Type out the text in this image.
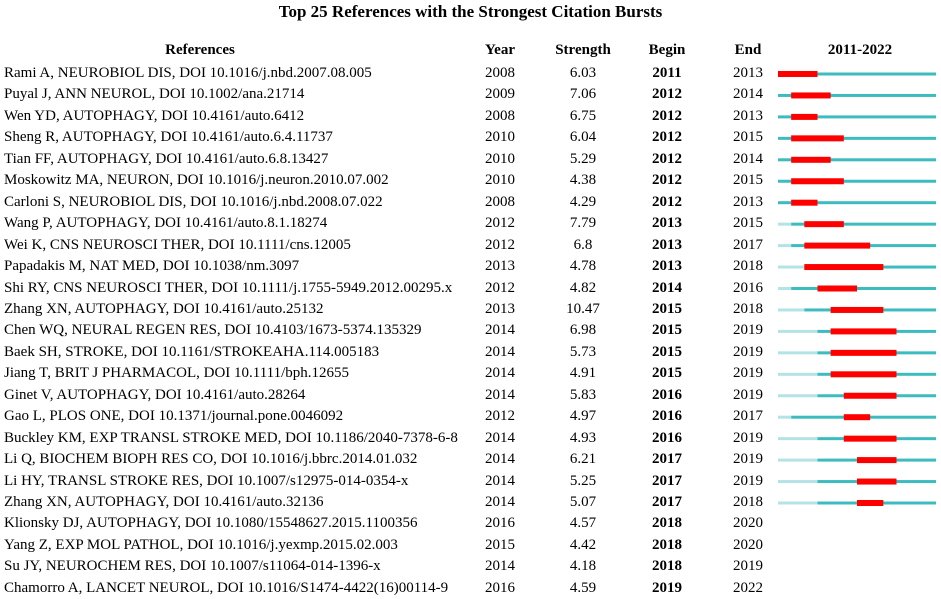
Top 25 References with the Strongest Citation Bursts
References	Year	Strength	Begin	End	2011-2022
Rami A, NEUROBIOL DIS, DOI 10.1016/j.nbd.2007.08.005	2008	6.03	2011	2013
Puyal J, ANN NEUROL, DOI 10.1002/ana.21714	2009	7.06	2012	2014
Wen YD, AUTOPHAGY, DOI 10.4161/auto.6412	2008	6.75	2012	2013
Sheng R, AUTOPHAGY, DOI 10.4161/auto.6.4.11737	2010	6.04	2012	2015
Tian FF, AUTOPHAGY, DOI 10.4161/auto.6.8.13427	2010	5.29	2012	2014
Moskowitz MA, NEURON, DOI 10.1016/j.neuron.2010.07.002	2010	4.38	2012	2015
Carloni S, NEUROBIOL DIS, DOI 10.1016/j.nbd.2008.07.022	2008	4.29	2012	2013
Wang P, AUTOPHAGY, DOI 10.4161/auto.8.1.18274	2012	7.79	2013	2015
Wei K, CNS NEUROSCI THER, DOI 10.1111/cns.12005	2012	6.8	2013	2017
Papadakis M, NAT MED, DOI 10.1038/nm.3097	2013	4.78	2013	2018
Shi RY, CNS NEUROSCI THER, DOI 10.1111/j.1755-5949.2012.00295.x	2012	4.82	2014	2016
Zhang XN, AUTOPHAGY, DOI 10.4161/auto.25132	2013	10.47	2015	2018
Chen WQ, NEURAL REGEN RES, DOI 10.4103/1673-5374.135329	2014	6.98	2015	2019
Baek SH, STROKE, DOI 10.1161/STROKEAHA.114.005183	2014	5.73	2015	2019
Jiang T, BRIT J PHARMACOL, DOI 10.1111/bph.12655	2014	4.91	2015	2019
Ginet V, AUTOPHAGY, DOI 10.4161/auto.28264	2014	5.83	2016	2019
Gao L, PLOS ONE, DOI 10.1371/journal.pone.0046092	2012	4.97	2016	2017
Buckley KM, EXP TRANSL STROKE MED, DOI 10.1186/2040-7378-6-8	2014	4.93	2016	2019
Li Q, BIOCHEM BIOPH RES CO, DOI 10.1016/j.bbrc.2014.01.032	2014	6.21	2017	2019
Li HY, TRANSL STROKE RES, DOI 10.1007/s12975-014-0354-x	2014	5.25	2017	2019
Zhang XN, AUTOPHAGY, DOI 10.4161/auto.32136	2014	5.07	2017	2018
Klionsky DJ, AUTOPHAGY, DOI 10.1080/15548627.2015.1100356	2016	4.57	2018	2020
Yang Z, EXP MOL PATHOL, DOI 10.1016/j.yexmp.2015.02.003	2015	4.42	2018	2020
Su JY, NEUROCHEM RES, DOI 10.1007/s11064-014-1396-x	2014	4.18	2018	2019
Chamorro A, LANCET NEUROL, DOI 10.1016/S1474-4422(16)00114-9	2016	4.59	2019	2022
